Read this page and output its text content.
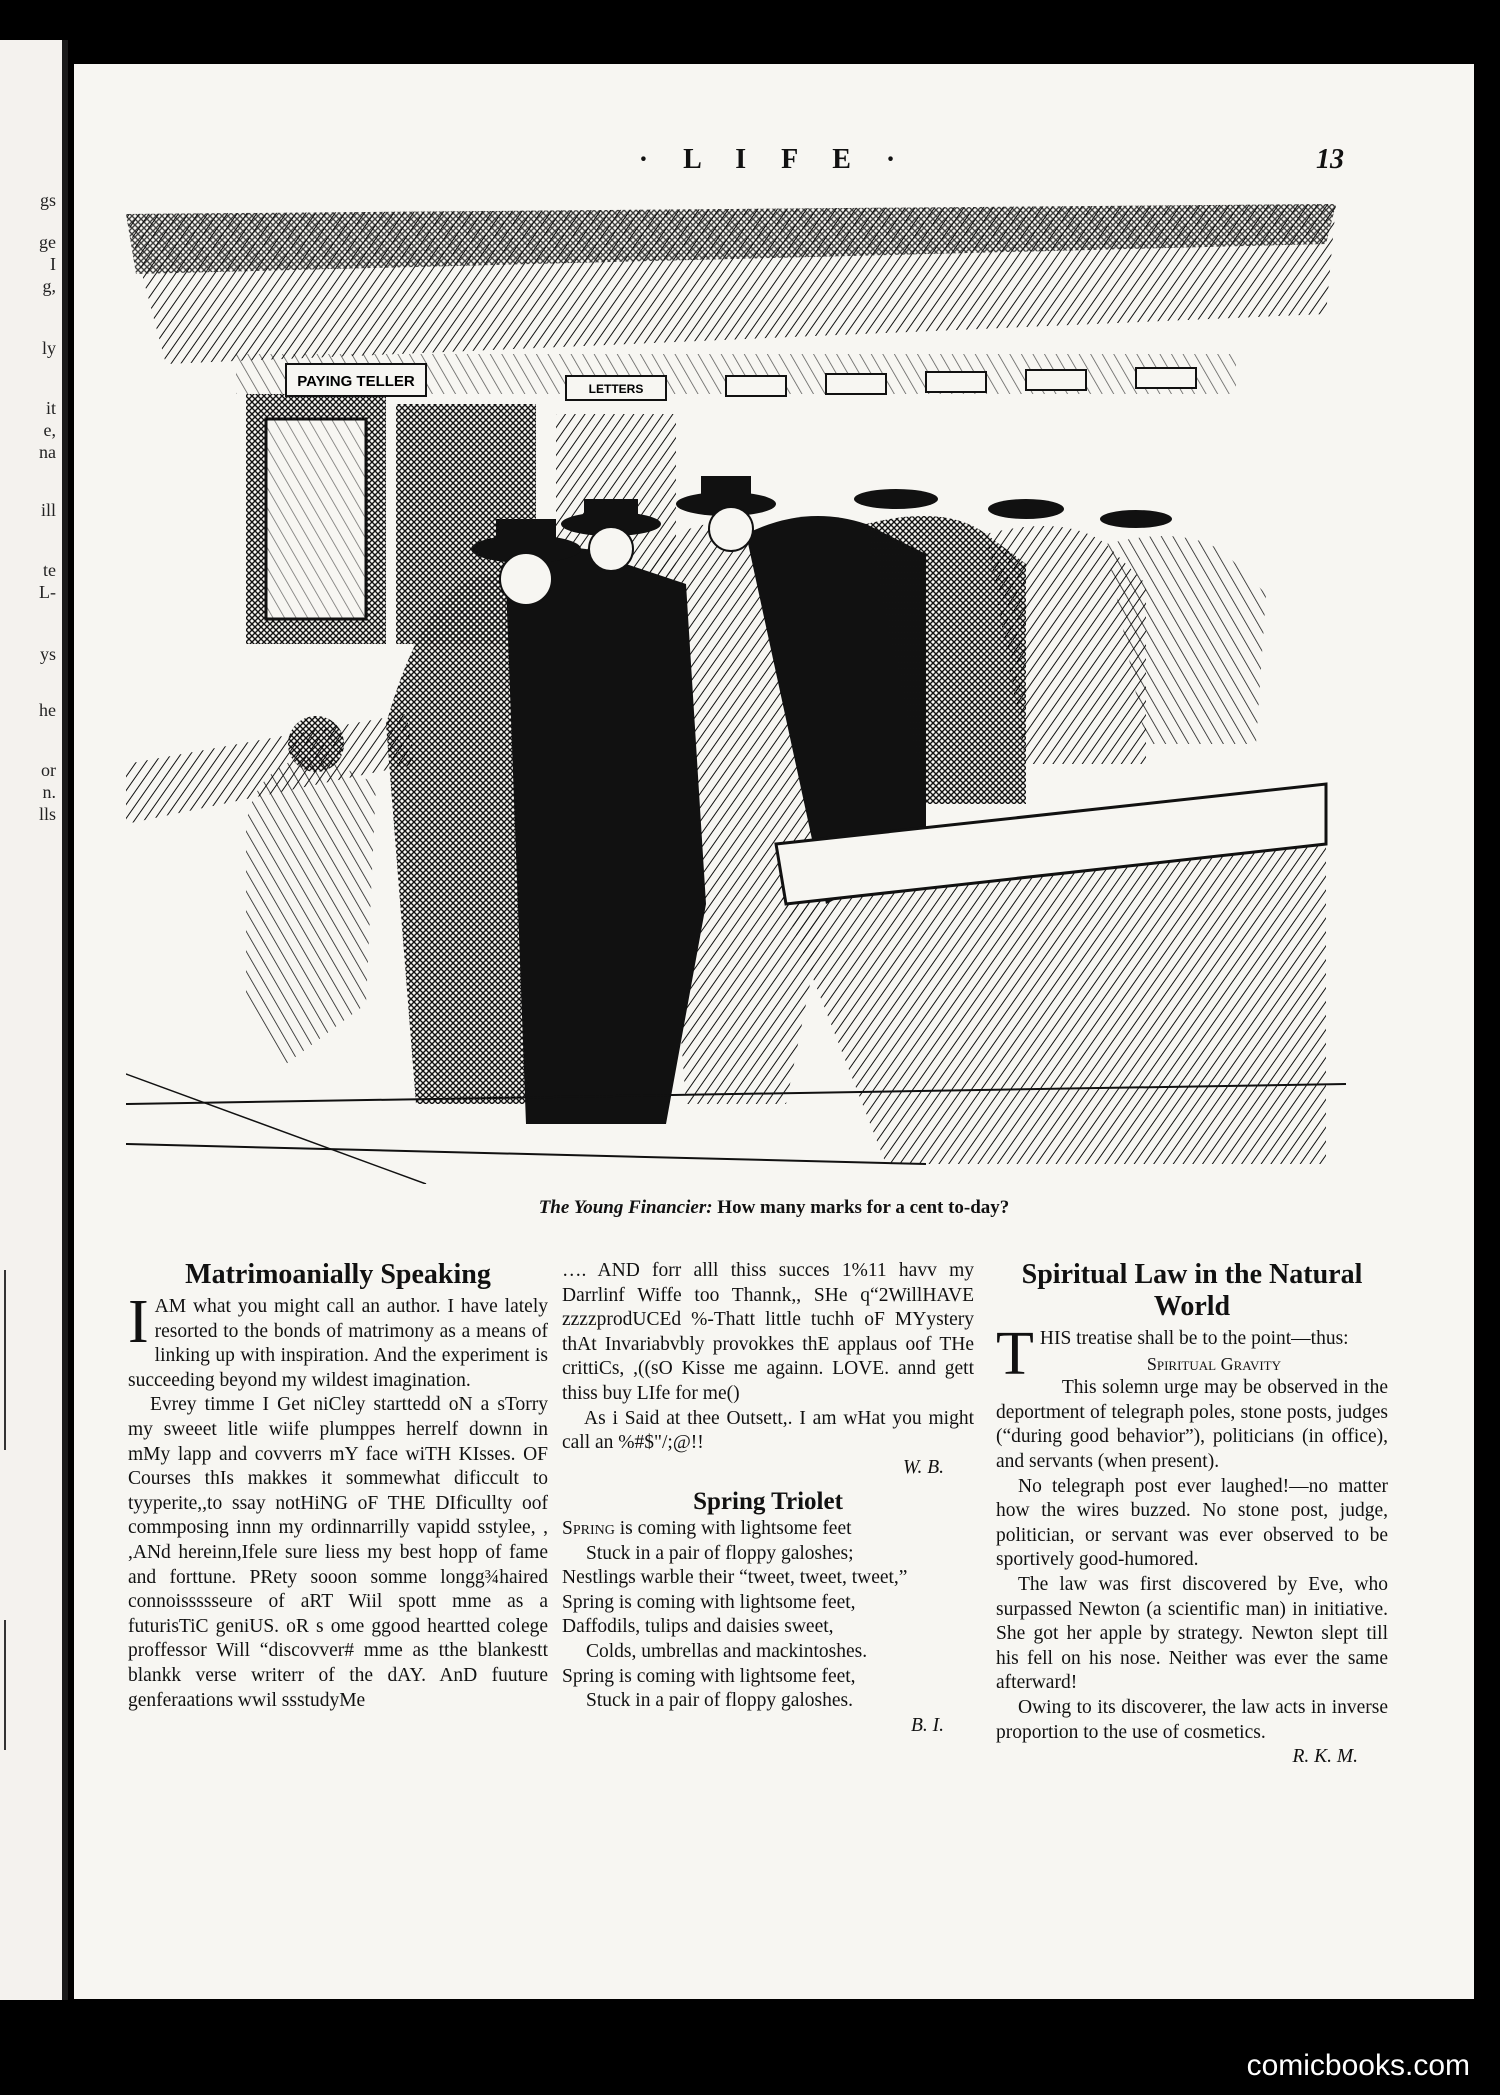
gs
ge
I
g,
ly
it
e,
na
ill
te
L-
ys
he
or
n.
lls
· L I F E ·	13
PAYING TELLER	LETTERS
The Young Financier: How many marks for a cent to-day?
Matrimoanially Speaking

IAM what you might call an author. I have lately resorted to the bonds of matrimony as a means of linking up with inspiration. And the experiment is succeeding beyond my wildest imagination.

Evrey timme I Get niCley starttedd oN a sTorry my sweeet litle wiife plumppes herrelf downn in mMy lapp and covverrs mY face wiTH KIsses. OF Courses thIs makkes it sommewhat dificcult to tyyperite,,to ssay notHiNG oF THE DIficullty oof commposing innn my ordinnarrilly vapidd sstylee, , ,ANd hereinn,Ifele sure liess my best hopp of fame and forttune. PRety sooon somme longg¾haired connoissssseure of aRT Wiil spott mme as a futurisTiC geniUS. oR s ome ggood heartted colege proffessor Will “discovver# mme as tthe blankestt blankk verse writerr of the dAY. AnD fuuture genferaations wwil ssstudyMe

…. AND forr alll thiss succes 1%11 havv my Darrlinf Wiffe too Thannk,, SHe q“2WillHAVE zzzzprodUCEd %-Thatt little tuchh oF MYystery thAt Invariabvbly provokkes thE applaus oof THe crittiCs, ,((sO Kisse me againn. LOVE. annd gett thiss buy LIfe for me()

As i Said at thee Outsett,. I am wHat you might call an %#$"/;@!!

W. B.
Spring Triolet
Spring is coming with lightsome feet
Stuck in a pair of floppy galoshes;
Nestlings warble their “tweet, tweet, tweet,”
Spring is coming with lightsome feet,
Daffodils, tulips and daisies sweet,
Colds, umbrellas and mackintoshes.
Spring is coming with lightsome feet,
Stuck in a pair of floppy galoshes.
B. I.
Spiritual Law in the Natural World

THIS treatise shall be to the point—thus:

Spiritual Gravity

This solemn urge may be observed in the deportment of telegraph poles, stone posts, judges (“during good behavior”), politicians (in office), and servants (when present).

No telegraph post ever laughed!—no matter how the wires buzzed. No stone post, judge, politician, or servant was ever observed to be sportively good-humored.

The law was first discovered by Eve, who surpassed Newton (a scientific man) in initiative. She got her apple by strategy. Newton slept till his fell on his nose. Neither was ever the same afterward!

Owing to its discoverer, the law acts in inverse proportion to the use of cosmetics.

R. K. M.
comicbooks.com
